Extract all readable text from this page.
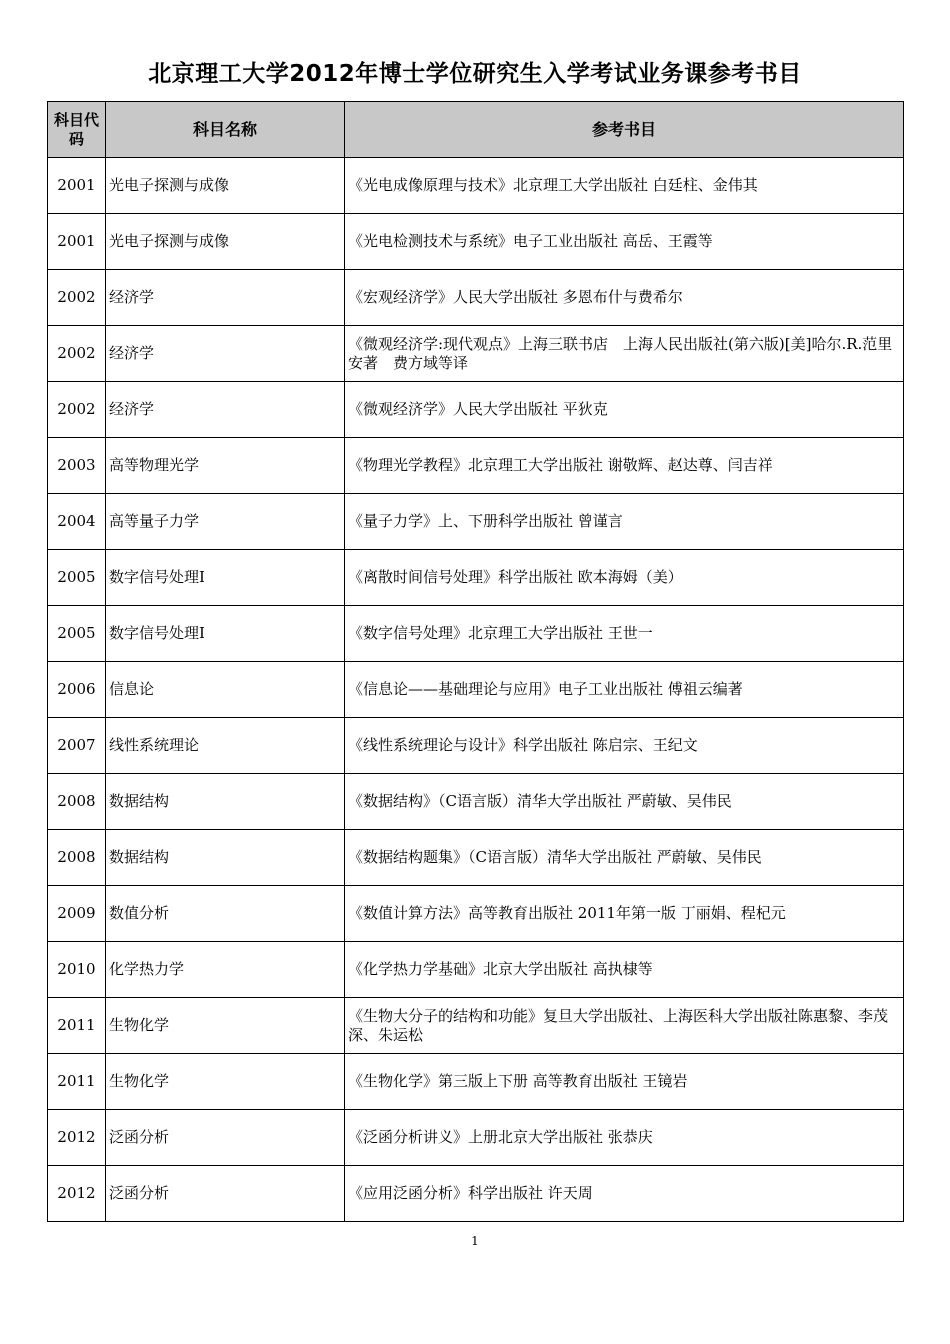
北京理工大学2012年博士学位研究生入学考试业务课参考书目
科目代码	科目名称	参考书目
2001	光电子探测与成像	《光电成像原理与技术》北京理工大学出版社 白廷柱、金伟其
2001	光电子探测与成像	《光电检测技术与系统》电子工业出版社 高岳、王霞等
2002	经济学	《宏观经济学》人民大学出版社 多恩布什与费希尔
2002	经济学	《微观经济学:现代观点》上海三联书店　上海人民出版社(第六版)[美]哈尔.R.范里安著　费方域等译
2002	经济学	《微观经济学》人民大学出版社 平狄克
2003	高等物理光学	《物理光学教程》北京理工大学出版社 谢敬辉、赵达尊、闫吉祥
2004	高等量子力学	《量子力学》上、下册科学出版社 曾谨言
2005	数字信号处理Ⅰ	《离散时间信号处理》科学出版社 欧本海姆（美）
2005	数字信号处理Ⅰ	《数字信号处理》北京理工大学出版社 王世一
2006	信息论	《信息论——基础理论与应用》电子工业出版社 傅祖云编著
2007	线性系统理论	《线性系统理论与设计》科学出版社 陈启宗、王纪文
2008	数据结构	《数据结构》（C语言版）清华大学出版社 严蔚敏、吴伟民
2008	数据结构	《数据结构题集》（C语言版）清华大学出版社 严蔚敏、吴伟民
2009	数值分析	《数值计算方法》高等教育出版社 2011年第一版 丁丽娟、程杞元
2010	化学热力学	《化学热力学基础》北京大学出版社 高执棣等
2011	生物化学	《生物大分子的结构和功能》复旦大学出版社、上海医科大学出版社陈惠黎、李茂深、朱运松
2011	生物化学	《生物化学》第三版上下册 高等教育出版社 王镜岩
2012	泛函分析	《泛函分析讲义》上册北京大学出版社 张恭庆
2012	泛函分析	《应用泛函分析》科学出版社 许天周
1
